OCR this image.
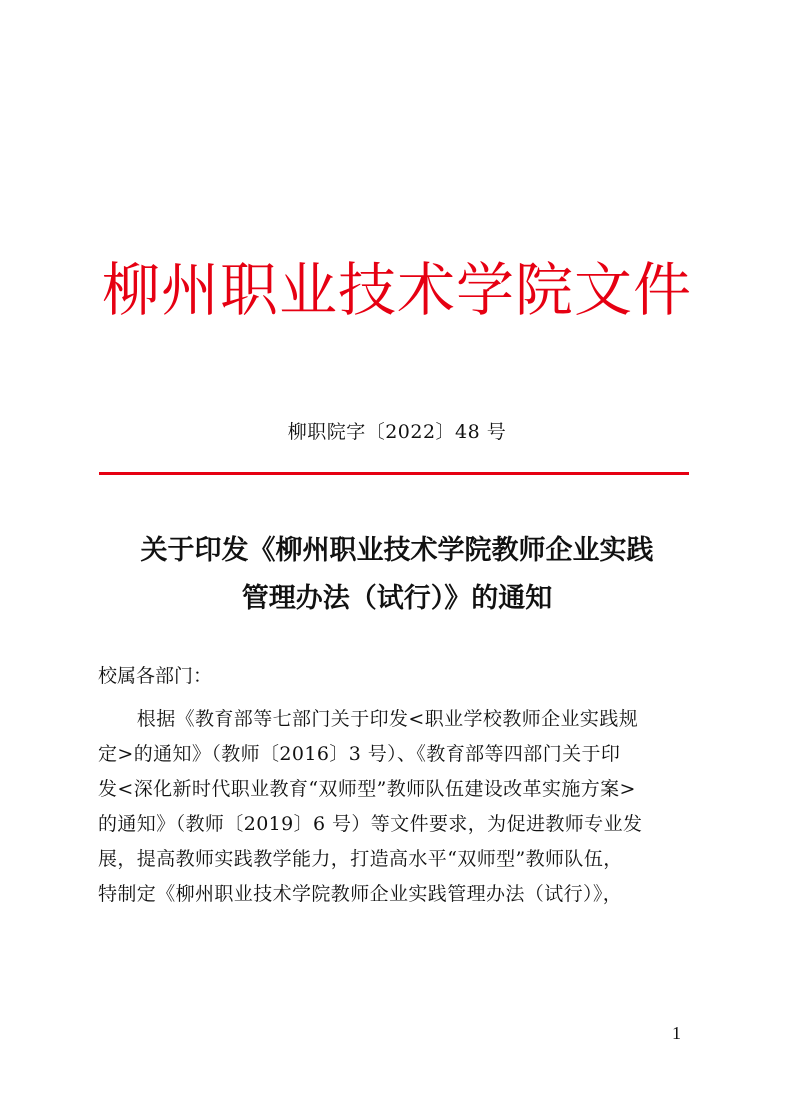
柳州职业技术学院文件
柳职院字〔2022〕48 号
关于印发《柳州职业技术学院教师企业实践
管理办法（试行）》的通知
校属各部门：
　　根据《教育部等七部门关于印发<职业学校教师企业实践规
定>的通知》（教师〔2016〕3 号）、《教育部等四部门关于印
发<深化新时代职业教育“双师型”教师队伍建设改革实施方案>
的通知》（教师〔2019〕6 号）等文件要求，为促进教师专业发
展，提高教师实践教学能力，打造高水平“双师型”教师队伍，
特制定《柳州职业技术学院教师企业实践管理办法（试行）》，
1
